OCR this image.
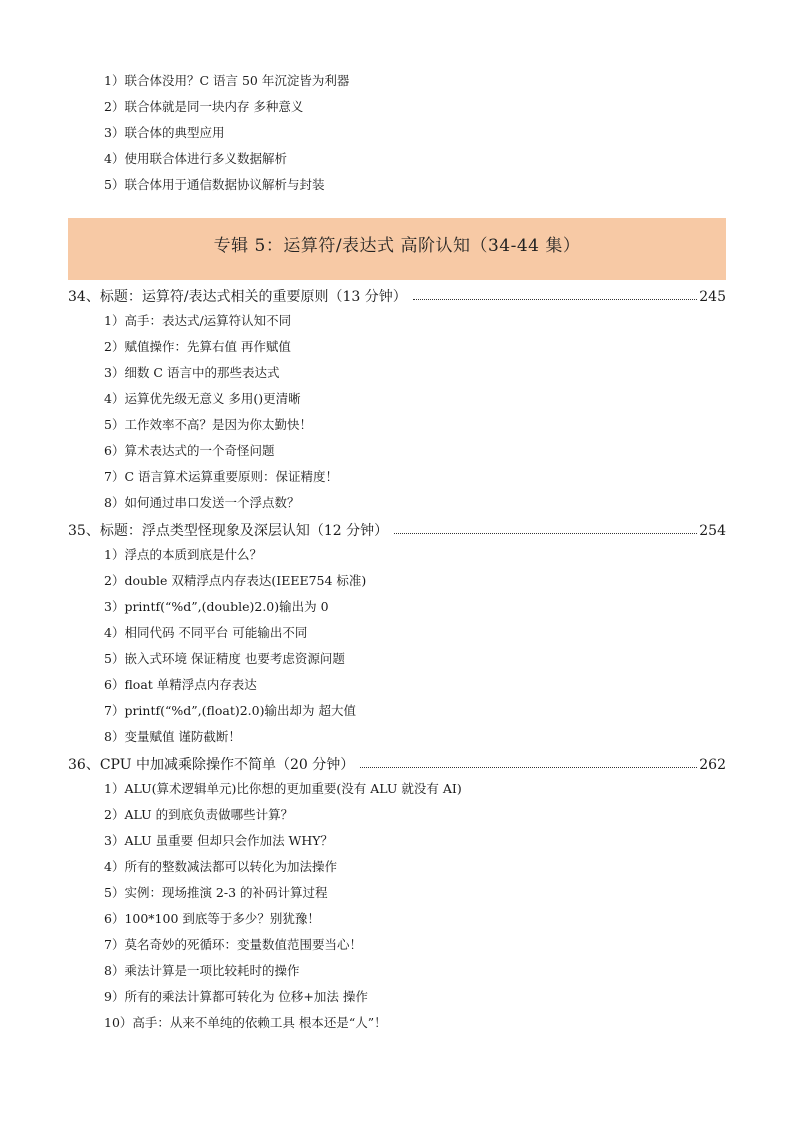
1）联合体没用？C 语言 50 年沉淀皆为利器
2）联合体就是同一块内存 多种意义
3）联合体的典型应用
4）使用联合体进行多义数据解析
5）联合体用于通信数据协议解析与封装
专辑 5：运算符/表达式 高阶认知（34-44 集）
34、标题：运算符/表达式相关的重要原则（13 分钟）	245
1）高手：表达式/运算符认知不同
2）赋值操作：先算右值 再作赋值
3）细数 C 语言中的那些表达式
4）运算优先级无意义 多用()更清晰
5）工作效率不高？是因为你太勤快！
6）算术表达式的一个奇怪问题
7）C 语言算术运算重要原则：保证精度！
8）如何通过串口发送一个浮点数？
35、标题：浮点类型怪现象及深层认知（12 分钟）	254
1）浮点的本质到底是什么？
2）double 双精浮点内存表达(IEEE754 标准)
3）printf(“%d”,(double)2.0)输出为 0
4）相同代码 不同平台 可能输出不同
5）嵌入式环境 保证精度 也要考虑资源问题
6）float 单精浮点内存表达
7）printf(“%d”,(float)2.0)输出却为 超大值
8）变量赋值 谨防截断！
36、CPU 中加减乘除操作不简单（20 分钟）	262
1）ALU(算术逻辑单元)比你想的更加重要(没有 ALU 就没有 AI)
2）ALU 的到底负责做哪些计算？
3）ALU 虽重要 但却只会作加法 WHY？
4）所有的整数减法都可以转化为加法操作
5）实例：现场推演 2-3 的补码计算过程
6）100*100 到底等于多少？别犹豫！
7）莫名奇妙的死循环：变量数值范围要当心！
8）乘法计算是一项比较耗时的操作
9）所有的乘法计算都可转化为 位移+加法 操作
10）高手：从来不单纯的依赖工具 根本还是“人”！
